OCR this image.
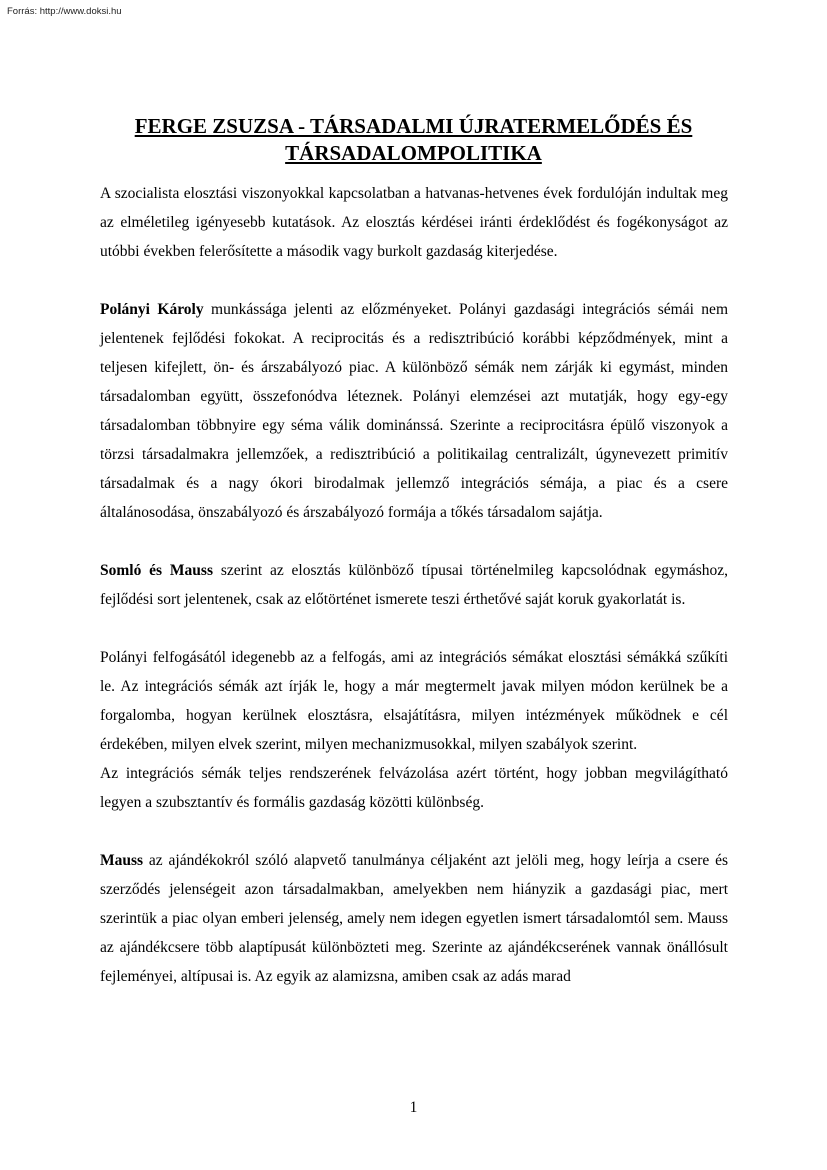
Forrás: http://www.doksi.hu
FERGE ZSUZSA - TÁRSADALMI ÚJRATERMELŐDÉS ÉS
TÁRSADALOMPOLITIKA

A szocialista elosztási viszonyokkal kapcsolatban a hatvanas-hetvenes évek fordulóján indultak meg az elméletileg igényesebb kutatások. Az elosztás kérdései iránti érdeklődést és fogékonyságot az utóbbi években felerősítette a második vagy burkolt gazdaság kiterjedése.

Polányi Károly munkássága jelenti az előzményeket. Polányi gazdasági integrációs sémái nem jelentenek fejlődési fokokat. A reciprocitás és a redisztribúció korábbi képződmények, mint a teljesen kifejlett, ön- és árszabályozó piac. A különböző sémák nem zárják ki egymást, minden társadalomban együtt, összefonódva léteznek. Polányi elemzései azt mutatják, hogy egy-egy társadalomban többnyire egy séma válik dominánssá. Szerinte a reciprocitásra épülő viszonyok a törzsi társadalmakra jellemzőek, a redisztribúció a politikailag centralizált, úgynevezett primitív társadalmak és a nagy ókori birodalmak jellemző integrációs sémája, a piac és a csere általánosodása, önszabályozó és árszabályozó formája a tőkés társadalom sajátja.

Somló és Mauss szerint az elosztás különböző típusai történelmileg kapcsolódnak egymáshoz, fejlődési sort jelentenek, csak az előtörténet ismerete teszi érthetővé saját koruk gyakorlatát is.

Polányi felfogásától idegenebb az a felfogás, ami az integrációs sémákat elosztási sémákká szűkíti le. Az integrációs sémák azt írják le, hogy a már megtermelt javak milyen módon kerülnek be a forgalomba, hogyan kerülnek elosztásra, elsajátításra, milyen intézmények működnek e cél érdekében, milyen elvek szerint, milyen mechanizmusokkal, milyen szabályok szerint.

Az integrációs sémák teljes rendszerének felvázolása azért történt, hogy jobban megvilágítható legyen a szubsztantív és formális gazdaság közötti különbség.

Mauss az ajándékokról szóló alapvető tanulmánya céljaként azt jelöli meg, hogy leírja a csere és szerződés jelenségeit azon társadalmakban, amelyekben nem hiányzik a gazdasági piac, mert szerintük a piac olyan emberi jelenség, amely nem idegen egyetlen ismert társadalomtól sem. Mauss az ajándékcsere több alaptípusát különbözteti meg. Szerinte az ajándékcserének vannak önállósult fejleményei, altípusai is. Az egyik az alamizsna, amiben csak az adás marad

1
